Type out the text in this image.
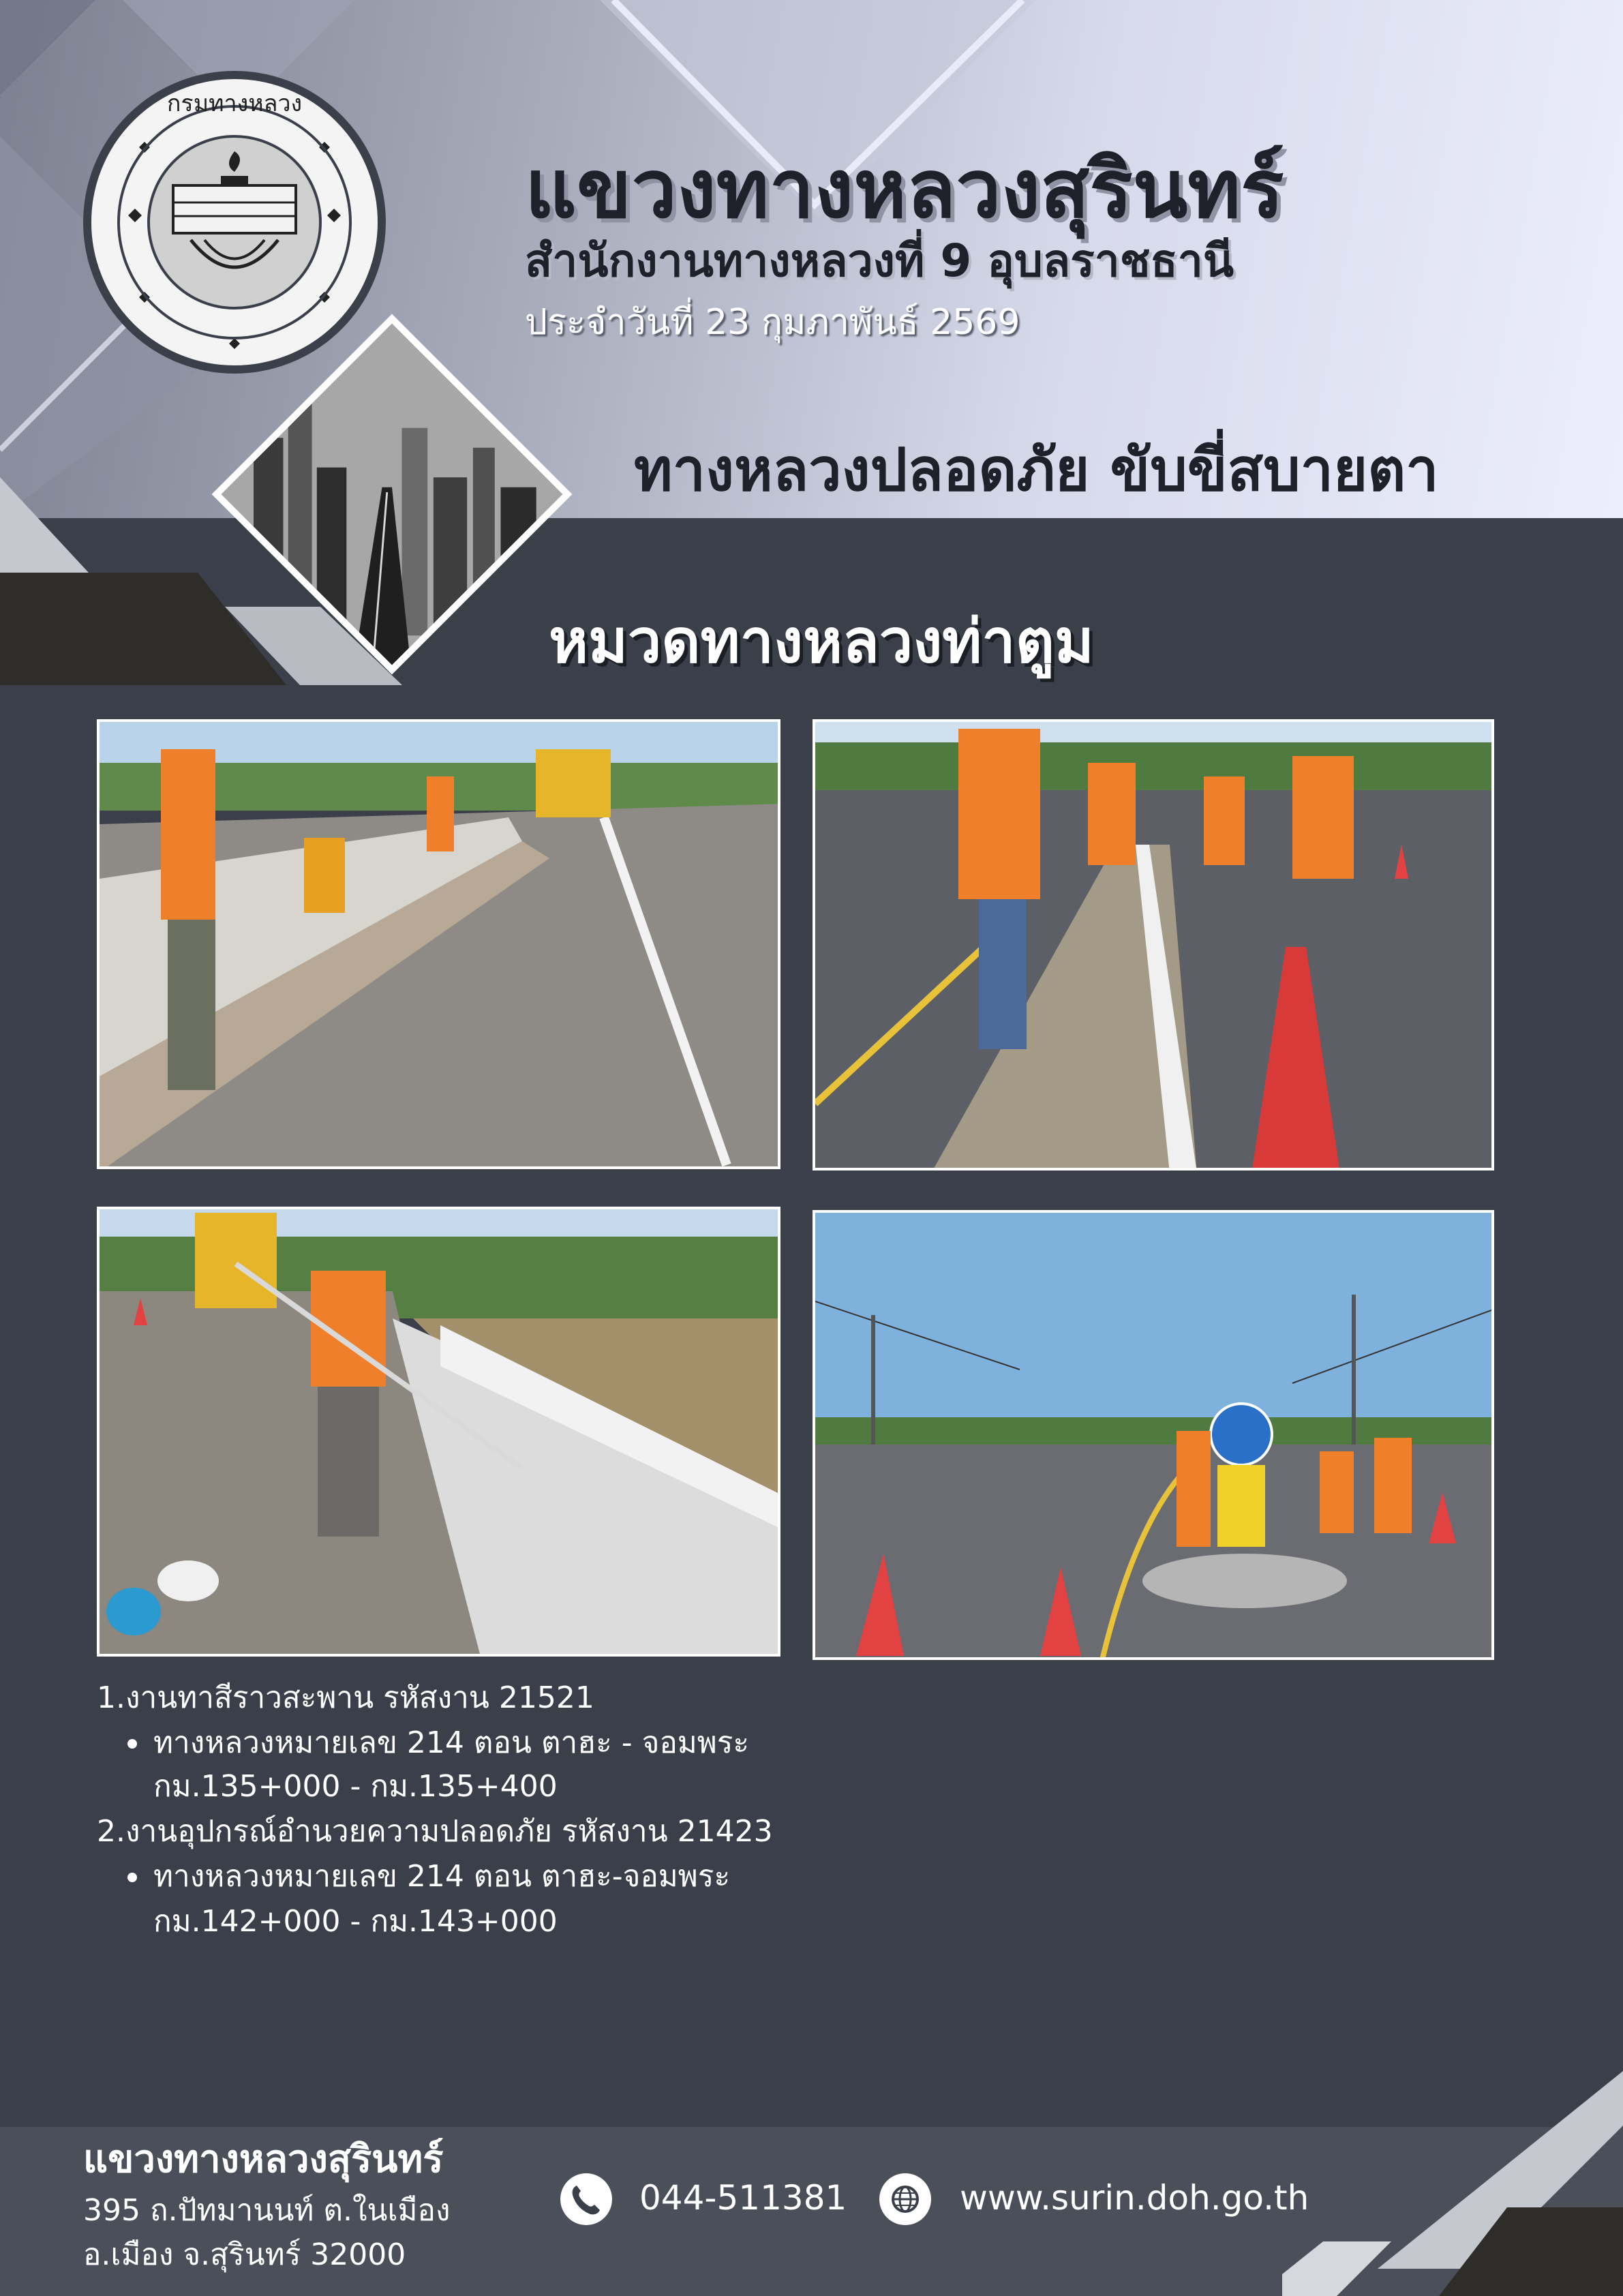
กรมทางหลวง
แขวงทางหลวงสุรินทร์
สำนักงานทางหลวงที่ 9 อุบลราชธานี
ประจำวันที่ 23 กุมภาพันธ์ 2569
ทางหลวงปลอดภัย ขับขี่สบายตา
หมวดทางหลวงท่าตูม
1.งานทาสีราวสะพาน รหัสงาน 21521
ทางหลวงหมายเลข 214 ตอน ตาฮะ - จอมพระ
กม.135+000 - กม.135+400
2.งานอุปกรณ์อำนวยความปลอดภัย รหัสงาน 21423
ทางหลวงหมายเลข 214 ตอน ตาฮะ-จอมพระ
กม.142+000 - กม.143+000
แขวงทางหลวงสุรินทร์
395 ถ.ปัทมานนท์ ต.ในเมือง
อ.เมือง จ.สุรินทร์ 32000
044-511381	www.surin.doh.go.th
